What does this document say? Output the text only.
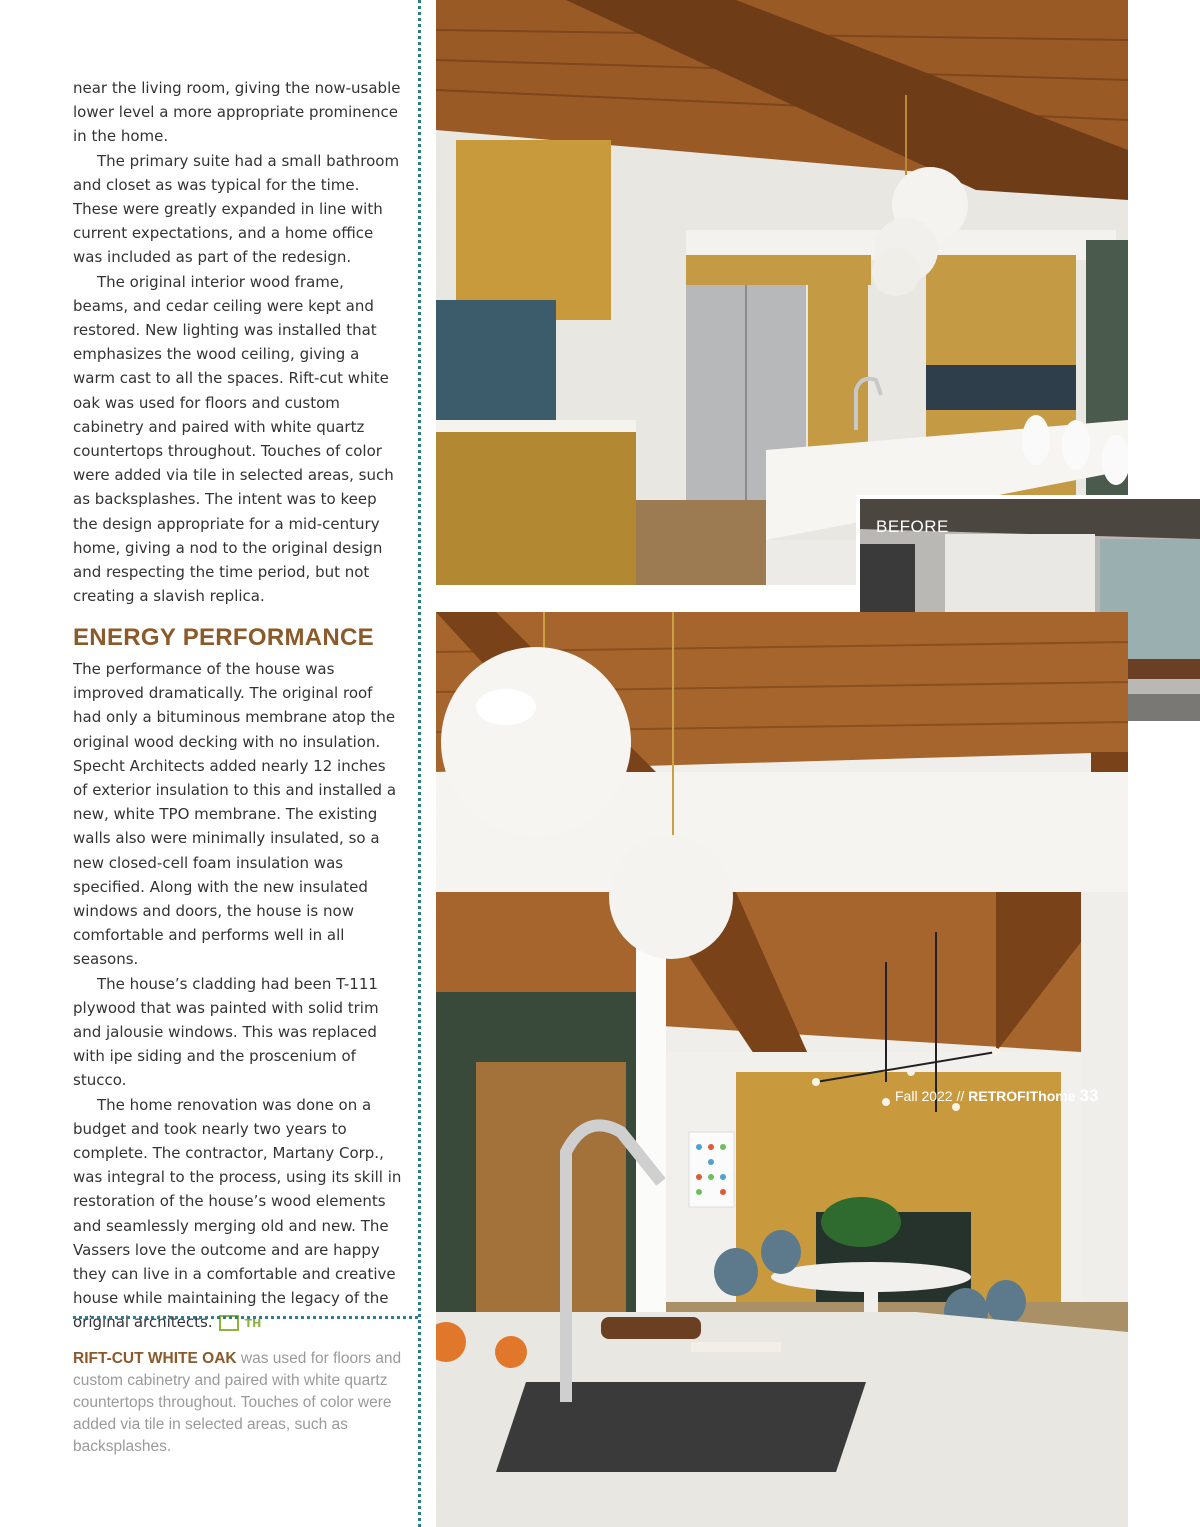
near the living room, giving the now-usable lower level a more appropriate prominence in the home.

The primary suite had a small bathroom and closet as was typical for the time. These were greatly expanded in line with current expectations, and a home office was included as part of the redesign.

The original interior wood frame, beams, and cedar ceiling were kept and restored. New lighting was installed that emphasizes the wood ceiling, giving a warm cast to all the spaces. Rift-cut white oak was used for floors and custom cabinetry and paired with white quartz countertops throughout. Touches of color were added via tile in selected areas, such as backsplashes. The intent was to keep the design appropriate for a mid-century home, giving a nod to the original design and respecting the time period, but not creating a slavish replica.

ENERGY PERFORMANCE

The performance of the house was improved dramatically. The original roof had only a bituminous membrane atop the original wood decking with no insulation. Specht Architects added nearly 12 inches of exterior insulation to this and installed a new, white TPO membrane. The existing walls also were minimally insulated, so a new closed-cell foam insulation was specified. Along with the new insulated windows and doors, the house is now comfortable and performs well in all seasons.

The house’s cladding had been T-111 plywood that was painted with solid trim and jalousie windows. This was replaced with ipe siding and the proscenium of stucco.

The home renovation was done on a budget and took nearly two years to complete. The contractor, Martany Corp., was integral to the process, using its skill in restoration of the house’s wood elements and seamlessly merging old and new. The Vassers love the outcome and are happy they can live in a comfortable and creative house while maintaining the legacy of the original architects.	TH

RIFT-CUT WHITE OAK was used for floors and custom cabinetry and paired with white quartz countertops throughout. Touches of color were added via tile in selected areas, such as backsplashes.
BEFORE
Fall 2022 // RETROFIThome 33
